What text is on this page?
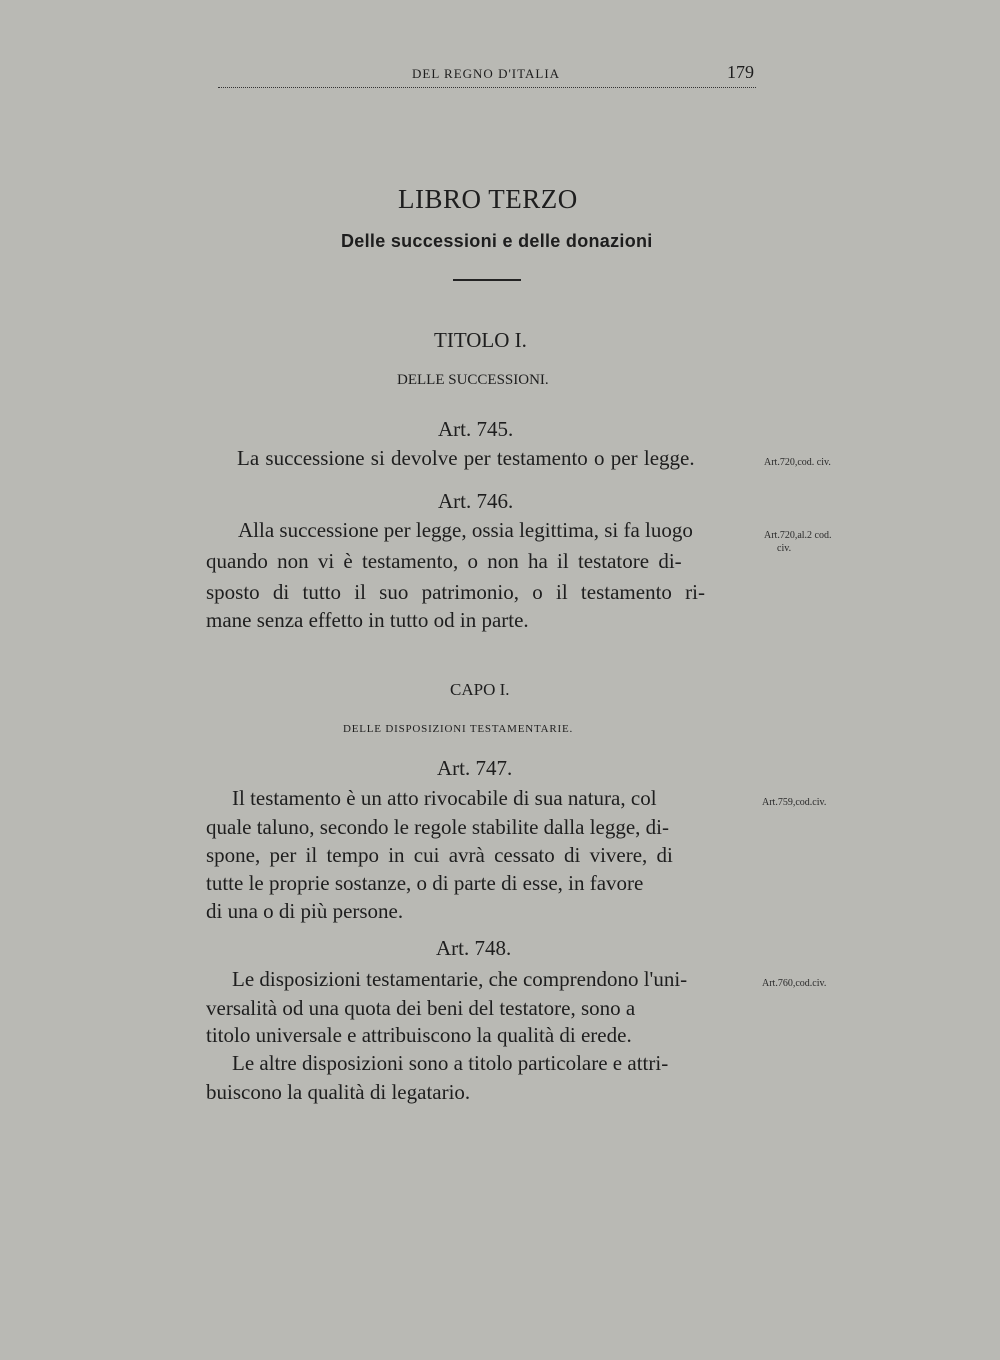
DEL REGNO D'ITALIA	179
LIBRO TERZO
Delle successioni e delle donazioni
TITOLO I.
DELLE SUCCESSIONI.
Art. 745.
La successione si devolve per testamento o per legge.	Art.720,cod. civ.
Art. 746.
Alla successione per legge, ossia legittima, si fa luogo
quando non vi è testamento, o non ha il testatore di-
sposto di tutto il suo patrimonio, o il testamento ri-
mane senza effetto in tutto od in parte.
Art.720,al.2 cod.
civ.
CAPO I.
DELLE DISPOSIZIONI TESTAMENTARIE.
Art. 747.
Il testamento è un atto rivocabile di sua natura, col
quale taluno, secondo le regole stabilite dalla legge, di-
spone, per il tempo in cui avrà cessato di vivere, di
tutte le proprie sostanze, o di parte di esse, in favore
di una o di più persone.
Art.759,cod.civ.
Art. 748.
Le disposizioni testamentarie, che comprendono l'uni-
versalità od una quota dei beni del testatore, sono a
titolo universale e attribuiscono la qualità di erede.
Le altre disposizioni sono a titolo particolare e attri-
buiscono la qualità di legatario.
Art.760,cod.civ.
